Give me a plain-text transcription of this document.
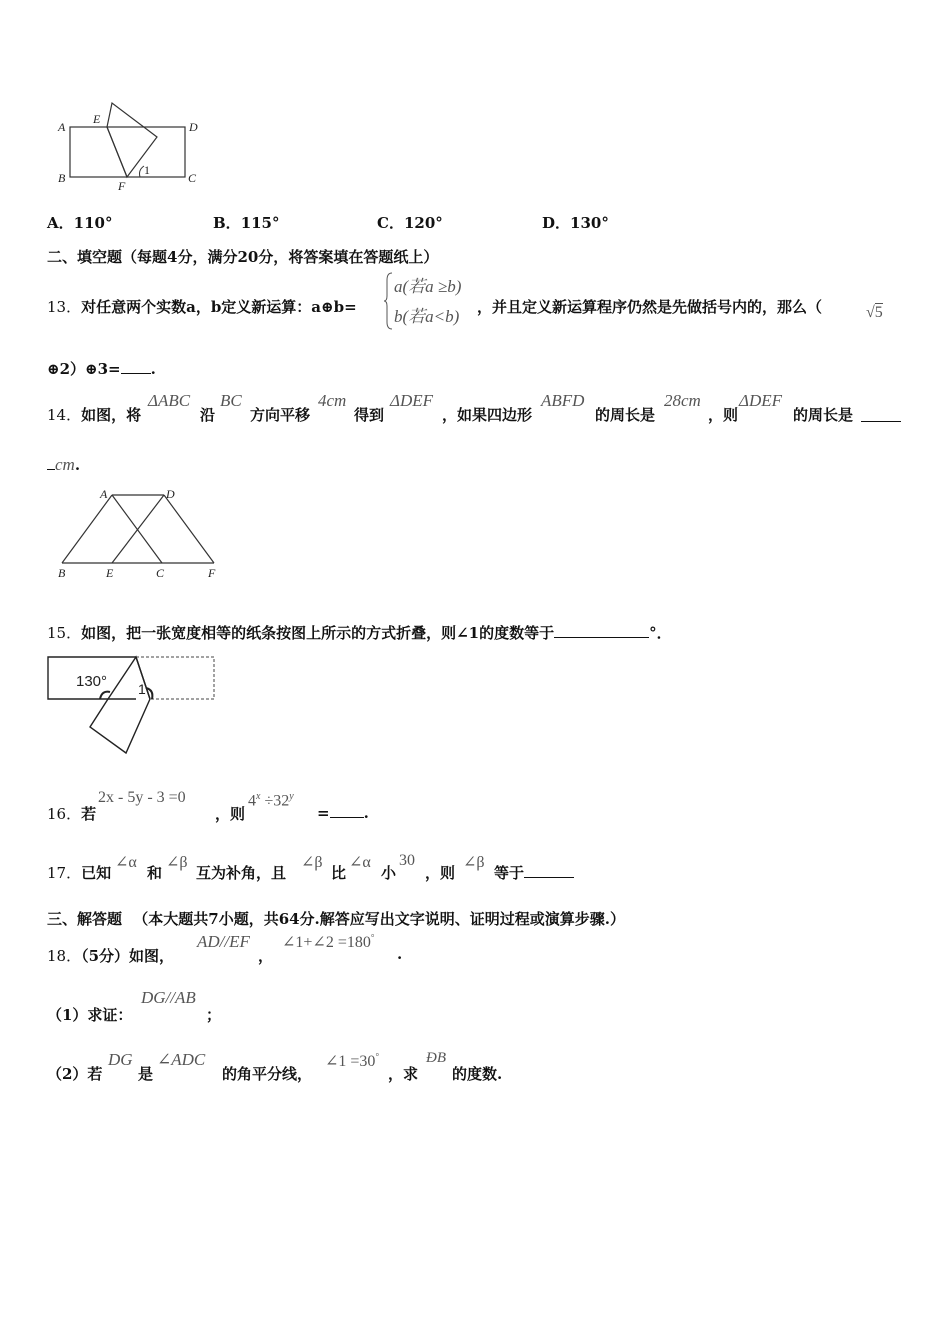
A
E
D
B
F
C
1
A．110°	B．115°	C．120°	D．130°
二、填空题（每题4分，满分20分，将答案填在答题纸上）
13．对任意两个实数a，b定义新运算：a⊕b=
a(若a ≥b)
b(若a<b) ，并且定义新运算程序仍然是先做括号内的，那么（	√5
⊕2）⊕3= .
14．如图，将
ΔABC
沿
BC
方向平移
4cm
得到
ΔDEF
，如果四边形
ABFD
的周长是
28cm
，则
ΔDEF
的周长是
cm.
A	D
B	E	C	F
15．如图，把一张宽度相等的纸条按图上所示的方式折叠，则∠1的度数等于	°．
130° 1
16．若
2x - 5y - 3 =0
，则
$4^x \div 32^y$
= .
17．已知
∠α
和
∠β
互为补角，且
∠β
比
∠α
小
30
，则
∠β
等于
三、解答题 （本大题共7小题，共64分.解答应写出文字说明、证明过程或演算步骤.）
18．（5分）如图，
AD//EF
，
∠1+∠2 =180°
.
（1）求证：
DG//AB
；
（2）若
DG
是
∠ADC
的角平分线，
∠1 =30°
，求
ÐB
的度数.
